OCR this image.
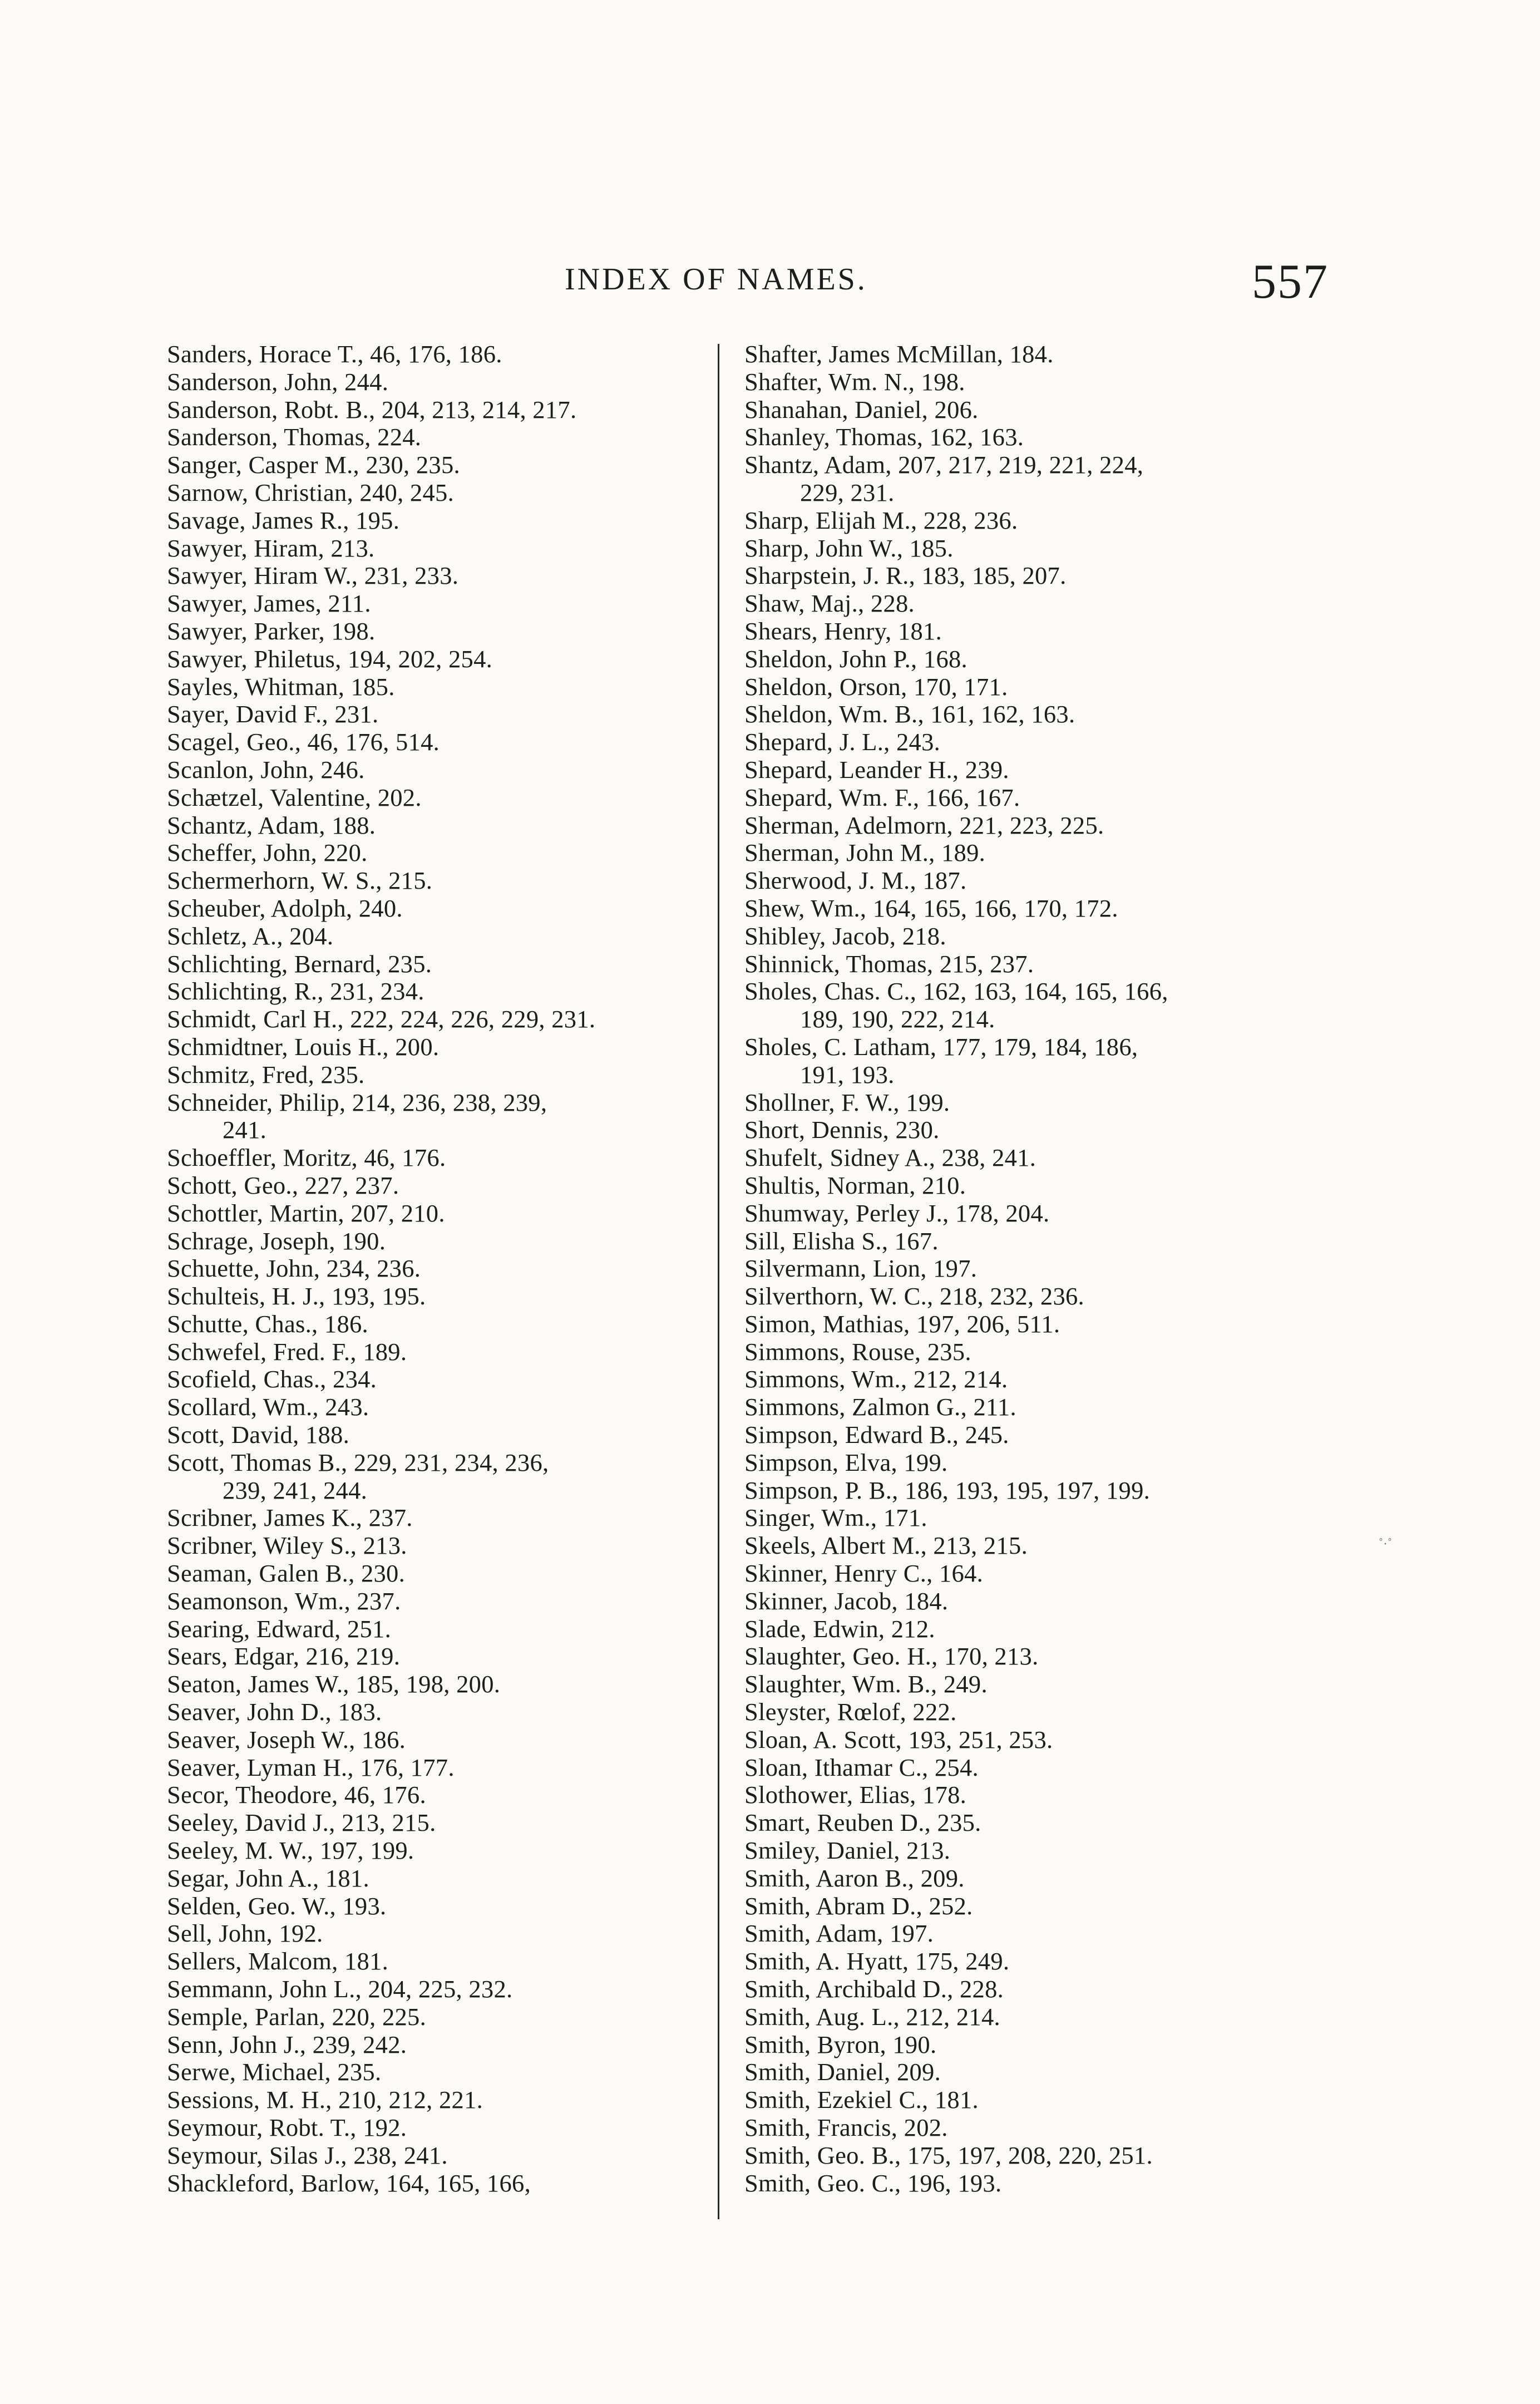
INDEX OF NAMES.	557
Sanders, Horace T., 46, 176, 186.
Sanderson, John, 244.
Sanderson, Robt. B., 204, 213, 214, 217.
Sanderson, Thomas, 224.
Sanger, Casper M., 230, 235.
Sarnow, Christian, 240, 245.
Savage, James R., 195.
Sawyer, Hiram, 213.
Sawyer, Hiram W., 231, 233.
Sawyer, James, 211.
Sawyer, Parker, 198.
Sawyer, Philetus, 194, 202, 254.
Sayles, Whitman, 185.
Sayer, David F., 231.
Scagel, Geo., 46, 176, 514.
Scanlon, John, 246.
Schætzel, Valentine, 202.
Schantz, Adam, 188.
Scheffer, John, 220.
Schermerhorn, W. S., 215.
Scheuber, Adolph, 240.
Schletz, A., 204.
Schlichting, Bernard, 235.
Schlichting, R., 231, 234.
Schmidt, Carl H., 222, 224, 226, 229, 231.
Schmidtner, Louis H., 200.
Schmitz, Fred, 235.
Schneider, Philip, 214, 236, 238, 239,
241.
Schoeffler, Moritz, 46, 176.
Schott, Geo., 227, 237.
Schottler, Martin, 207, 210.
Schrage, Joseph, 190.
Schuette, John, 234, 236.
Schulteis, H. J., 193, 195.
Schutte, Chas., 186.
Schwefel, Fred. F., 189.
Scofield, Chas., 234.
Scollard, Wm., 243.
Scott, David, 188.
Scott, Thomas B., 229, 231, 234, 236,
239, 241, 244.
Scribner, James K., 237.
Scribner, Wiley S., 213.
Seaman, Galen B., 230.
Seamonson, Wm., 237.
Searing, Edward, 251.
Sears, Edgar, 216, 219.
Seaton, James W., 185, 198, 200.
Seaver, John D., 183.
Seaver, Joseph W., 186.
Seaver, Lyman H., 176, 177.
Secor, Theodore, 46, 176.
Seeley, David J., 213, 215.
Seeley, M. W., 197, 199.
Segar, John A., 181.
Selden, Geo. W., 193.
Sell, John, 192.
Sellers, Malcom, 181.
Semmann, John L., 204, 225, 232.
Semple, Parlan, 220, 225.
Senn, John J., 239, 242.
Serwe, Michael, 235.
Sessions, M. H., 210, 212, 221.
Seymour, Robt. T., 192.
Seymour, Silas J., 238, 241.
Shackleford, Barlow, 164, 165, 166,
Shafter, James McMillan, 184.
Shafter, Wm. N., 198.
Shanahan, Daniel, 206.
Shanley, Thomas, 162, 163.
Shantz, Adam, 207, 217, 219, 221, 224,
229, 231.
Sharp, Elijah M., 228, 236.
Sharp, John W., 185.
Sharpstein, J. R., 183, 185, 207.
Shaw, Maj., 228.
Shears, Henry, 181.
Sheldon, John P., 168.
Sheldon, Orson, 170, 171.
Sheldon, Wm. B., 161, 162, 163.
Shepard, J. L., 243.
Shepard, Leander H., 239.
Shepard, Wm. F., 166, 167.
Sherman, Adelmorn, 221, 223, 225.
Sherman, John M., 189.
Sherwood, J. M., 187.
Shew, Wm., 164, 165, 166, 170, 172.
Shibley, Jacob, 218.
Shinnick, Thomas, 215, 237.
Sholes, Chas. C., 162, 163, 164, 165, 166,
189, 190, 222, 214.
Sholes, C. Latham, 177, 179, 184, 186,
191, 193.
Shollner, F. W., 199.
Short, Dennis, 230.
Shufelt, Sidney A., 238, 241.
Shultis, Norman, 210.
Shumway, Perley J., 178, 204.
Sill, Elisha S., 167.
Silvermann, Lion, 197.
Silverthorn, W. C., 218, 232, 236.
Simon, Mathias, 197, 206, 511.
Simmons, Rouse, 235.
Simmons, Wm., 212, 214.
Simmons, Zalmon G., 211.
Simpson, Edward B., 245.
Simpson, Elva, 199.
Simpson, P. B., 186, 193, 195, 197, 199.
Singer, Wm., 171.
Skeels, Albert M., 213, 215.
Skinner, Henry C., 164.
Skinner, Jacob, 184.
Slade, Edwin, 212.
Slaughter, Geo. H., 170, 213.
Slaughter, Wm. B., 249.
Sleyster, Rœlof, 222.
Sloan, A. Scott, 193, 251, 253.
Sloan, Ithamar C., 254.
Slothower, Elias, 178.
Smart, Reuben D., 235.
Smiley, Daniel, 213.
Smith, Aaron B., 209.
Smith, Abram D., 252.
Smith, Adam, 197.
Smith, A. Hyatt, 175, 249.
Smith, Archibald D., 228.
Smith, Aug. L., 212, 214.
Smith, Byron, 190.
Smith, Daniel, 209.
Smith, Ezekiel C., 181.
Smith, Francis, 202.
Smith, Geo. B., 175, 197, 208, 220, 251.
Smith, Geo. C., 196, 193.
˚·˚
